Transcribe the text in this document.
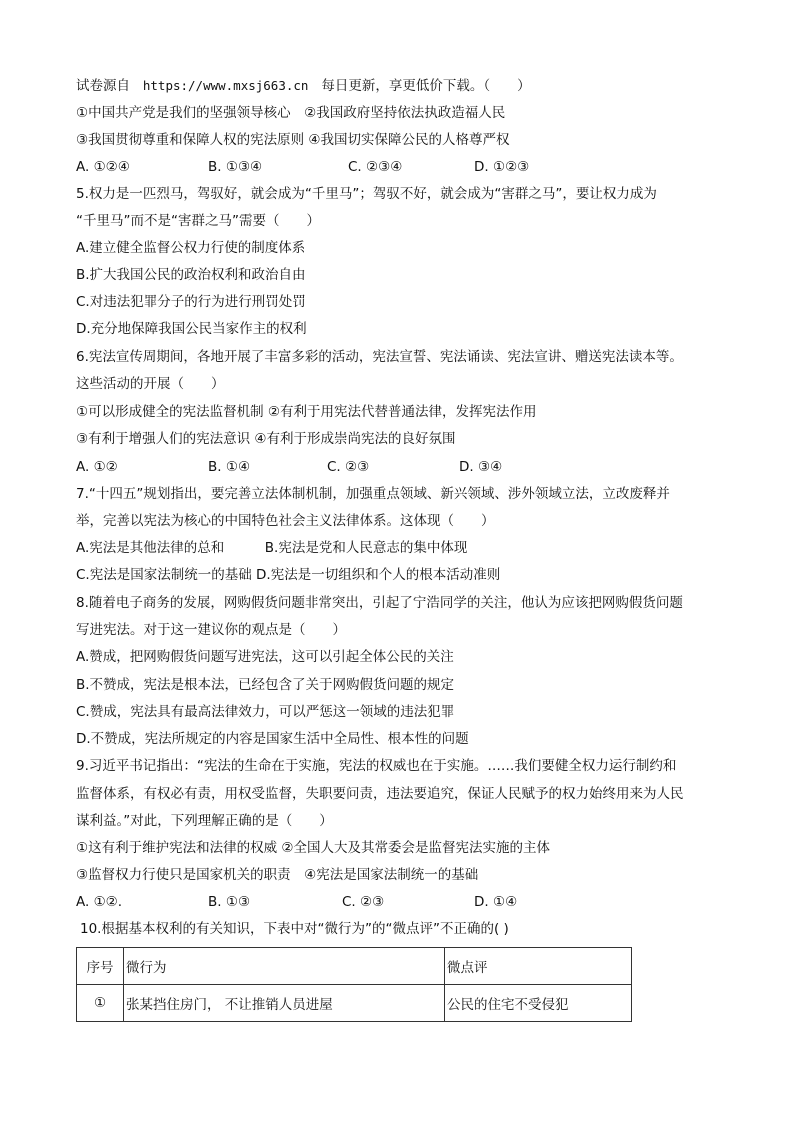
试卷源自 https://www.mxsj663.cn 每日更新，享更低价下载。（　　）
①中国共产党是我们的坚强领导核心　②我国政府坚持依法执政造福人民
③我国贯彻尊重和保障人权的宪法原则 ④我国切实保障公民的人格尊严权
A. ①②④	B. ①③④	C. ②③④	D. ①②③
5.权力是一匹烈马，驾驭好，就会成为“千里马”；驾驭不好，就会成为“害群之马”，要让权力成为
“千里马”而不是“害群之马”需要（　　）
A.建立健全监督公权力行使的制度体系
B.扩大我国公民的政治权利和政治自由
C.对违法犯罪分子的行为进行刑罚处罚
D.充分地保障我国公民当家作主的权利
6.宪法宣传周期间，各地开展了丰富多彩的活动，宪法宣誓、宪法诵读、宪法宣讲、赠送宪法读本等。
这些活动的开展（　　）
①可以形成健全的宪法监督机制 ②有利于用宪法代替普通法律，发挥宪法作用
③有利于增强人们的宪法意识 ④有利于形成崇尚宪法的良好氛围
A. ①②	B. ①④	C. ②③	D. ③④
7.“十四五”规划指出，要完善立法体制机制，加强重点领域、新兴领域、涉外领域立法，立改废释并
举，完善以宪法为核心的中国特色社会主义法律体系。这体现（　　）
A.宪法是其他法律的总和　　　B.宪法是党和人民意志的集中体现
C.宪法是国家法制统一的基础 D.宪法是一切组织和个人的根本活动准则
8.随着电子商务的发展，网购假货问题非常突出，引起了宁浩同学的关注，他认为应该把网购假货问题
写进宪法。对于这一建议你的观点是（　　）
A.赞成，把网购假货问题写进宪法，这可以引起全体公民的关注
B.不赞成，宪法是根本法，已经包含了关于网购假货问题的规定
C.赞成，宪法具有最高法律效力，可以严惩这一领域的违法犯罪
D.不赞成，宪法所规定的内容是国家生活中全局性、根本性的问题
9.习近平书记指出：“宪法的生命在于实施，宪法的权威也在于实施。……我们要健全权力运行制约和
监督体系，有权必有责，用权受监督，失职要问责，违法要追究，保证人民赋予的权力始终用来为人民
谋利益。”对此，下列理解正确的是（　　）
①这有利于维护宪法和法律的权威 ②全国人大及其常委会是监督宪法实施的主体
③监督权力行使只是国家机关的职责　④宪法是国家法制统一的基础
A. ①②.	B. ①③	C. ②③	D. ①④
10.根据基本权利的有关知识，下表中对“微行为”的“微点评”不正确的( )
序号	微行为	微点评
①	张某挡住房门， 不让推销人员进屋	公民的住宅不受侵犯
